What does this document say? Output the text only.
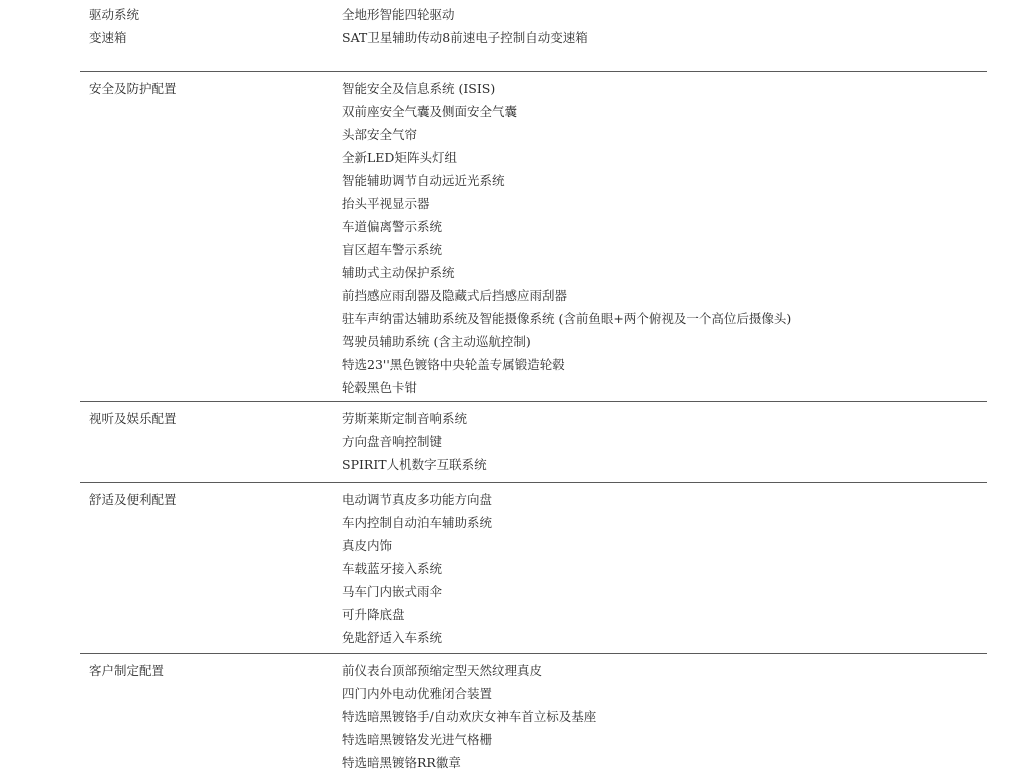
驱动系统	全地形智能四轮驱动
变速箱	SAT卫星辅助传动8前速电子控制自动变速箱
安全及防护配置	智能安全及信息系统 (ISIS)
双前座安全气囊及侧面安全气囊
头部安全气帘
全新LED矩阵头灯组
智能辅助调节自动远近光系统
抬头平视显示器
车道偏离警示系统
盲区超车警示系统
辅助式主动保护系统
前挡感应雨刮器及隐藏式后挡感应雨刮器
驻车声纳雷达辅助系统及智能摄像系统 (含前鱼眼+两个俯视及一个高位后摄像头)
驾驶员辅助系统 (含主动巡航控制)
特选23''黑色镀铬中央轮盖专属锻造轮毂
轮毂黑色卡钳
视听及娱乐配置	劳斯莱斯定制音响系统
方向盘音响控制键
SPIRIT人机数字互联系统
舒适及便利配置	电动调节真皮多功能方向盘
车内控制自动泊车辅助系统
真皮内饰
车载蓝牙接入系统
马车门内嵌式雨伞
可升降底盘
免匙舒适入车系统
客户制定配置	前仪表台顶部预缩定型天然纹理真皮
四门内外电动优雅闭合装置
特选暗黑镀铬手/自动欢庆女神车首立标及基座
特选暗黑镀铬发光进气格栅
特选暗黑镀铬RR徽章
